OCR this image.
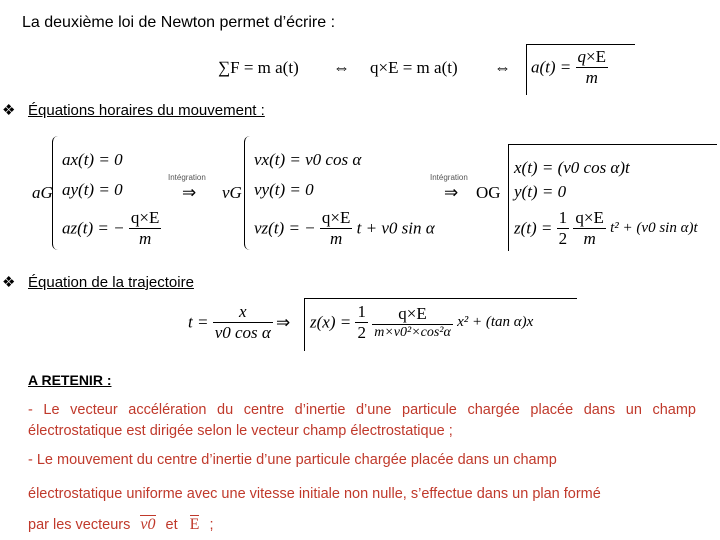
La deuxième loi de Newton permet d’écrire :
∑F = m a(t) ⇔ q×E = m a(t) ⇔ $a(t) = \frac{q\times E}{m}$
❖ Équations horaires du mouvement :
aG
ax(t) = 0
ay(t) = 0
az(t) = − $\frac{q\times E}{m}$
Intégration
⇒ vG
vx(t) = v0 cos α
vy(t) = 0
vz(t) = − $\frac{q\times E}{m}$ t + v0 sin α
Intégration
⇒ OG
x(t) = (v0 cos α)t
y(t) = 0
$z(t) = \frac{1}{2}$
$\frac{q\times E}{m} t^2 + (v0$ sin α)t
❖ Équation de la trajectoire
$t = \frac{x}{\text{v0 cos α}}$ ⇒ $z(x) = \frac{1}{2}$
$\frac{q\times E}{\text{m×v0²×cos²α}} x^2 + (\tan$ α)x
A RETENIR :
- Le vecteur accélération du centre d’inertie d’une particule chargée placée dans un champ électrostatique est dirigée selon le vecteur champ électrostatique ;
- Le mouvement du centre d’inertie d’une particule chargée placée dans un champ
électrostatique uniforme avec une vitesse initiale non nulle, s’effectue dans un plan formé
par les vecteurs v0 et E ;
